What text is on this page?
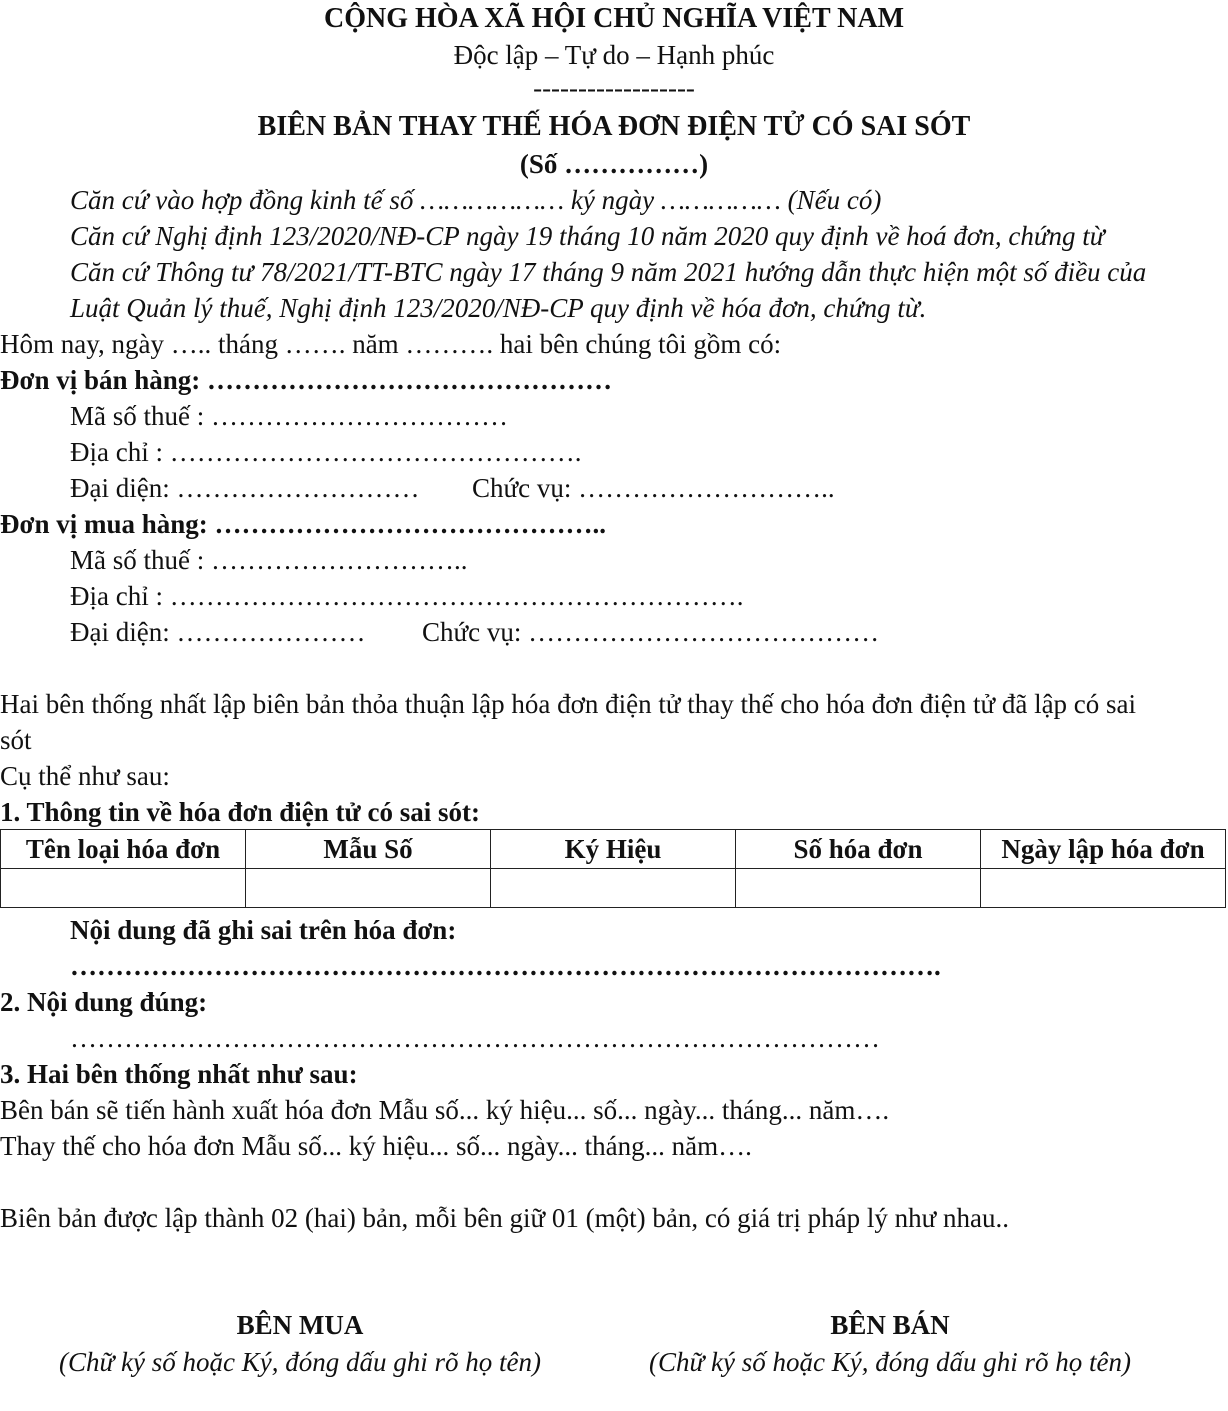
CỘNG HÒA XÃ HỘI CHỦ NGHĨA VIỆT NAM
Độc lập – Tự do – Hạnh phúc
------------------
BIÊN BẢN THAY THẾ HÓA ĐƠN ĐIỆN TỬ CÓ SAI SÓT
(Số ……………)
Căn cứ vào hợp đồng kinh tế số ……………… ký ngày …………… (Nếu có)
Căn cứ Nghị định 123/2020/NĐ-CP ngày 19 tháng 10 năm 2020 quy định về hoá đơn, chứng từ
Căn cứ Thông tư 78/2021/TT-BTC ngày 17 tháng 9 năm 2021 hướng dẫn thực hiện một số điều của
Luật Quản lý thuế, Nghị định 123/2020/NĐ-CP quy định về hóa đơn, chứng từ.
Hôm nay, ngày ….. tháng ……. năm ………. hai bên chúng tôi gồm có:
Đơn vị bán hàng: ………………………………………
Mã số thuế : ……………………………
Địa chỉ : ……………………………………….
Đại diện: ……………………… Chức vụ: ………………………..
Đơn vị mua hàng: ……………………………………..
Mã số thuế : ………………………..
Địa chỉ : ……………………………………………………….
Đại diện: ………………… Chức vụ: …………………………………
Hai bên thống nhất lập biên bản thỏa thuận lập hóa đơn điện tử thay thế cho hóa đơn điện tử đã lập có sai
sót
Cụ thể như sau:
1. Thông tin về hóa đơn điện tử có sai sót:
Tên loại hóa đơn	Mẫu Số	Ký Hiệu	Số hóa đơn	Ngày lập hóa đơn

Nội dung đã ghi sai trên hóa đơn:
…………………………………………………………………………………….
2. Nội dung đúng:
………………………………………………………………………………
3. Hai bên thống nhất như sau:
Bên bán sẽ tiến hành xuất hóa đơn Mẫu số... ký hiệu... số... ngày... tháng... năm….
Thay thế cho hóa đơn Mẫu số... ký hiệu... số... ngày... tháng... năm….
Biên bản được lập thành 02 (hai) bản, mỗi bên giữ 01 (một) bản, có giá trị pháp lý như nhau..
BÊN MUA
(Chữ ký số hoặc Ký, đóng dấu ghi rõ họ tên)
BÊN BÁN
(Chữ ký số hoặc Ký, đóng dấu ghi rõ họ tên)
